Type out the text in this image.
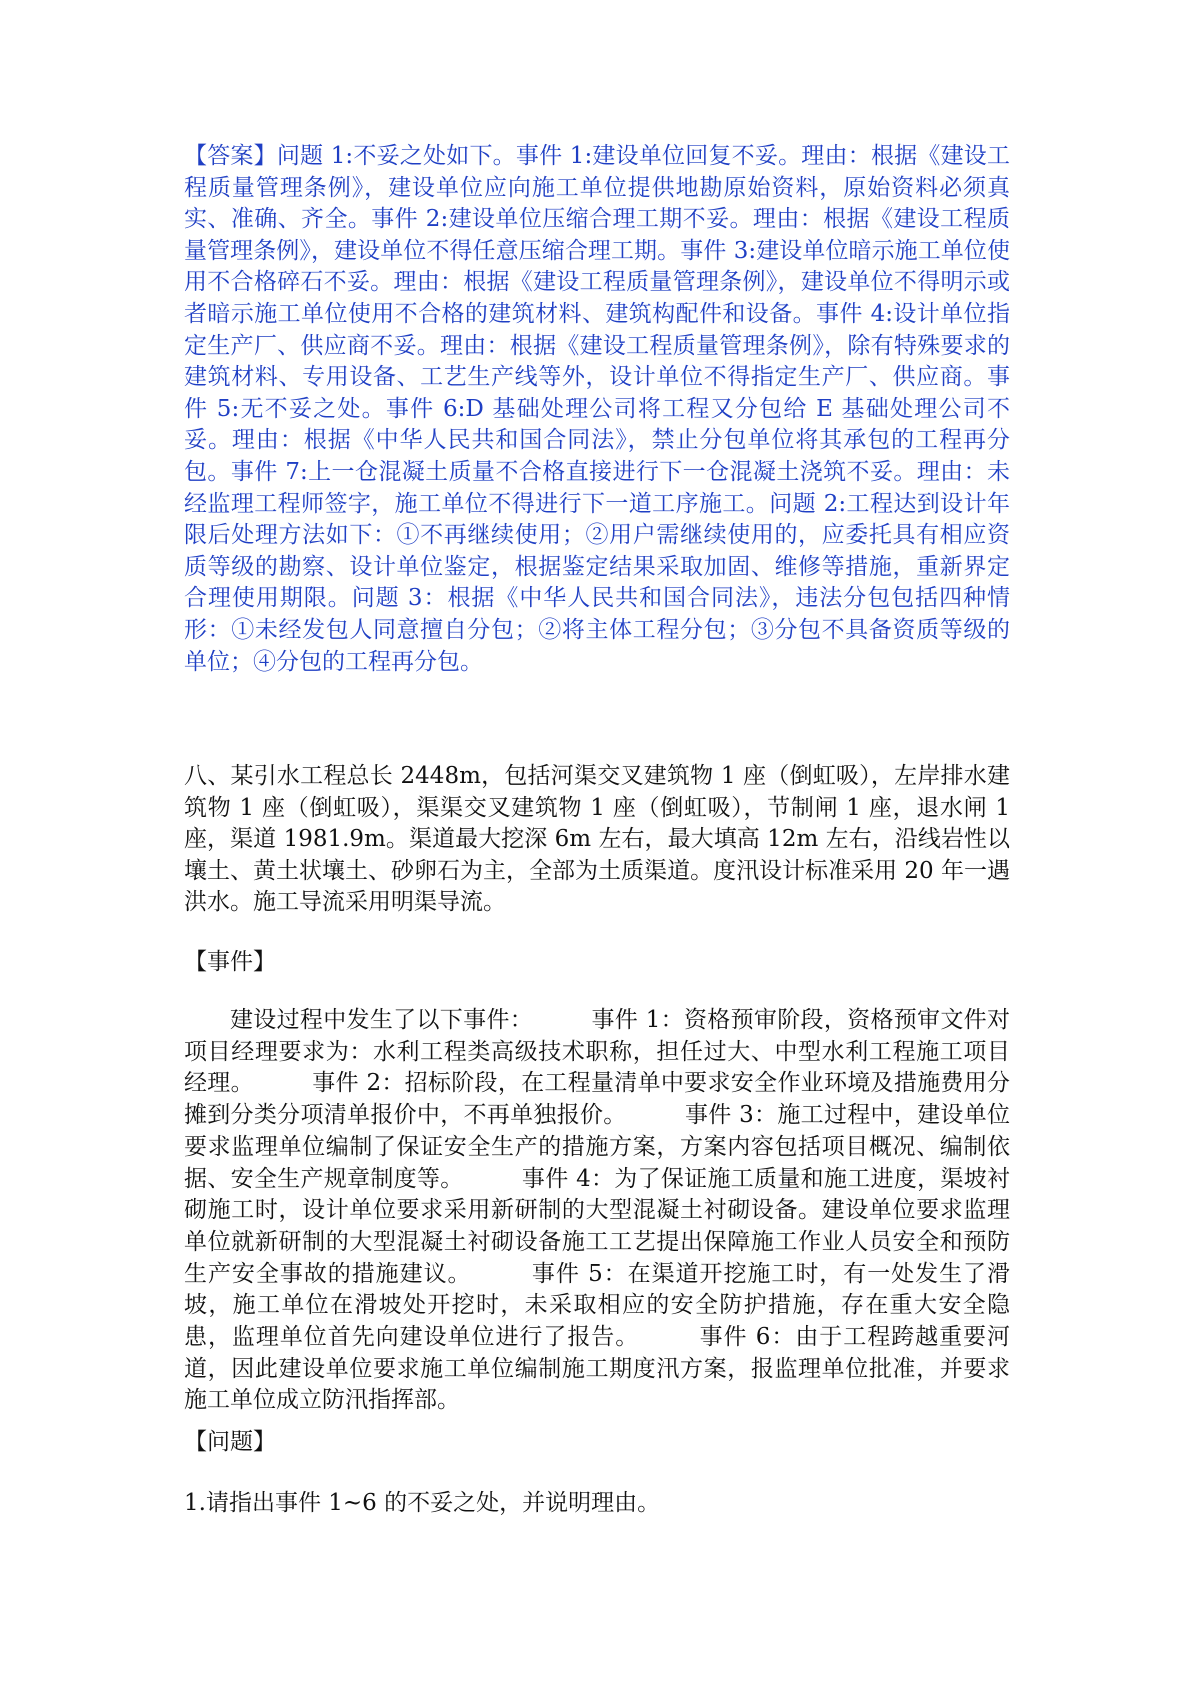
【答案】问题 1:不妥之处如下。事件 1:建设单位回复不妥。理由：根据《建设工程质量管理条例》，建设单位应向施工单位提供地勘原始资料，原始资料必须真实、准确、齐全。事件 2:建设单位压缩合理工期不妥。理由：根据《建设工程质量管理条例》，建设单位不得任意压缩合理工期。事件 3:建设单位暗示施工单位使用不合格碎石不妥。理由：根据《建设工程质量管理条例》，建设单位不得明示或者暗示施工单位使用不合格的建筑材料、建筑构配件和设备。事件 4:设计单位指定生产厂、供应商不妥。理由：根据《建设工程质量管理条例》，除有特殊要求的建筑材料、专用设备、工艺生产线等外，设计单位不得指定生产厂、供应商。事件 5:无不妥之处。事件 6:D 基础处理公司将工程又分包给 E 基础处理公司不妥。理由：根据《中华人民共和国合同法》，禁止分包单位将其承包的工程再分包。事件 7:上一仓混凝土质量不合格直接进行下一仓混凝土浇筑不妥。理由：未经监理工程师签字，施工单位不得进行下一道工序施工。问题 2:工程达到设计年限后处理方法如下：①不再继续使用；②用户需继续使用的，应委托具有相应资质等级的勘察、设计单位鉴定，根据鉴定结果采取加固、维修等措施，重新界定合理使用期限。问题 3：根据《中华人民共和国合同法》，违法分包包括四种情形：①未经发包人同意擅自分包；②将主体工程分包；③分包不具备资质等级的单位；④分包的工程再分包。

八、某引水工程总长 2448m，包括河渠交叉建筑物 1 座（倒虹吸），左岸排水建筑物 1 座（倒虹吸），渠渠交叉建筑物 1 座（倒虹吸），节制闸 1 座，退水闸 1 座，渠道 1981.9m。渠道最大挖深 6m 左右，最大填高 12m 左右，沿线岩性以壤土、黄土状壤土、砂卵石为主，全部为土质渠道。度汛设计标准采用 20 年一遇洪水。施工导流采用明渠导流。

【事件】

建设过程中发生了以下事件：　　　事件 1：资格预审阶段，资格预审文件对项目经理要求为：水利工程类高级技术职称，担任过大、中型水利工程施工项目经理。　　　事件 2：招标阶段，在工程量清单中要求安全作业环境及措施费用分摊到分类分项清单报价中，不再单独报价。　　　事件 3：施工过程中，建设单位要求监理单位编制了保证安全生产的措施方案，方案内容包括项目概况、编制依据、安全生产规章制度等。　　　事件 4：为了保证施工质量和施工进度，渠坡衬砌施工时，设计单位要求采用新研制的大型混凝土衬砌设备。建设单位要求监理单位就新研制的大型混凝土衬砌设备施工工艺提出保障施工作业人员安全和预防生产安全事故的措施建议。　　　事件 5：在渠道开挖施工时，有一处发生了滑坡，施工单位在滑坡处开挖时，未采取相应的安全防护措施，存在重大安全隐患，监理单位首先向建设单位进行了报告。　　　事件 6：由于工程跨越重要河道，因此建设单位要求施工单位编制施工期度汛方案，报监理单位批准，并要求施工单位成立防汛指挥部。

【问题】

1.请指出事件 1~6 的不妥之处，并说明理由。
